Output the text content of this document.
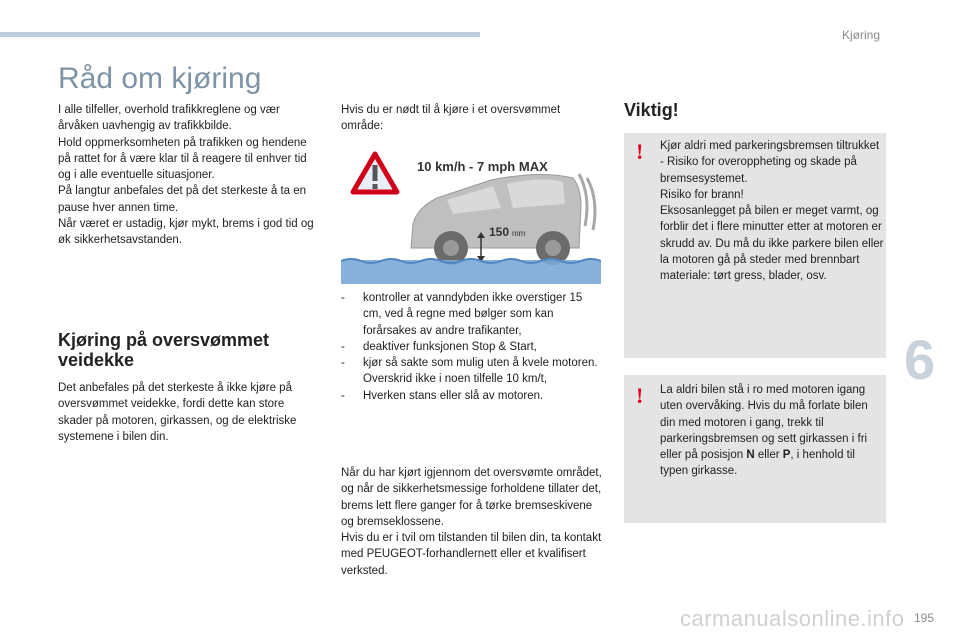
Kjøring
6
Råd om kjøring

I alle tilfeller, overhold trafikkreglene og vær årvåken uavhengig av trafikkbilde.
Hold oppmerksomheten på trafikken og hendene på rattet for å være klar til å reagere til enhver tid og i alle eventuelle situasjoner.
På langtur anbefales det på det sterkeste å ta en pause hver annen time.
Når været er ustadig, kjør mykt, brems i god tid og øk sikkerhetsavstanden.

Kjøring på oversvømmet veidekke

Det anbefales på det sterkeste å ikke kjøre på oversvømmet veidekke, fordi dette kan store skader på motoren, girkassen, og de elektriske systemene i bilen din.

Hvis du er nødt til å kjøre i et oversvømmet område:

10 km/h - 7 mph MAX
150 mm
- kontroller at vanndybden ikke overstiger 15 cm, ved å regne med bølger som kan forårsakes av andre trafikanter,
- deaktiver funksjonen Stop & Start,
- kjør så sakte som mulig uten å kvele motoren. Overskrid ikke i noen tilfelle 10 km/t,
- Hverken stans eller slå av motoren.

Når du har kjørt igjennom det oversvømte området, og når de sikkerhetsmessige forholdene tillater det, brems lett flere ganger for å tørke bremseskivene og bremseklossene.
Hvis du er i tvil om tilstanden til bilen din, ta kontakt med PEUGEOT-forhandlernett eller et kvalifisert verksted.

Viktig!
! Kjør aldri med parkeringsbremsen tiltrukket - Risiko for overoppheting og skade på bremsesystemet.
Risiko for brann!
Eksosanlegget på bilen er meget varmt, og forblir det i flere minutter etter at motoren er skrudd av. Du må du ikke parkere bilen eller la motoren gå på steder med brennbart materiale: tørt gress, blader, osv.

! La aldri bilen stå i ro med motoren igang uten overvåking. Hvis du må forlate bilen din med motoren i gang, trekk til parkeringsbremsen og sett girkassen i fri eller på posisjon N eller P, i henhold til typen girkasse.

carmanualsonline.info 195
